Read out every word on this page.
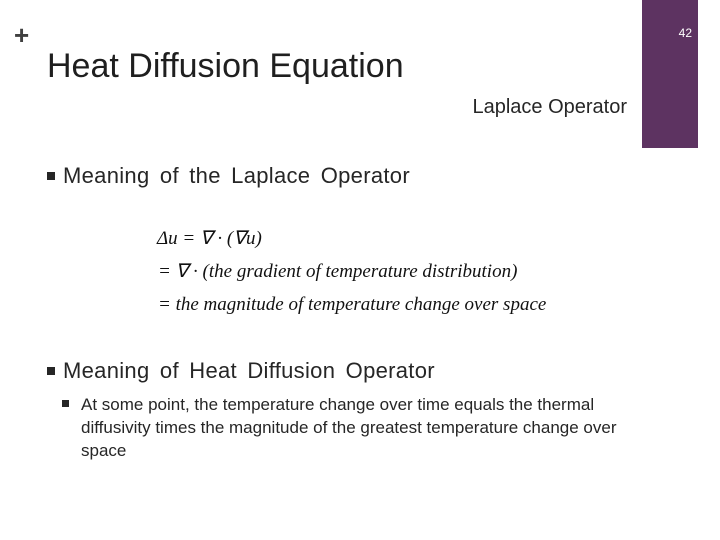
+
Heat Diffusion Equation
42
Laplace Operator
Meaning of the Laplace Operator
Δu = ∇ · (∇u)
= ∇ · (the gradient of temperature distribution)
= the magnitude of temperature change over space
Meaning of Heat Diffusion Operator
At some point, the temperature change over time equals the thermal diffusivity times the magnitude of the greatest temperature change over space
